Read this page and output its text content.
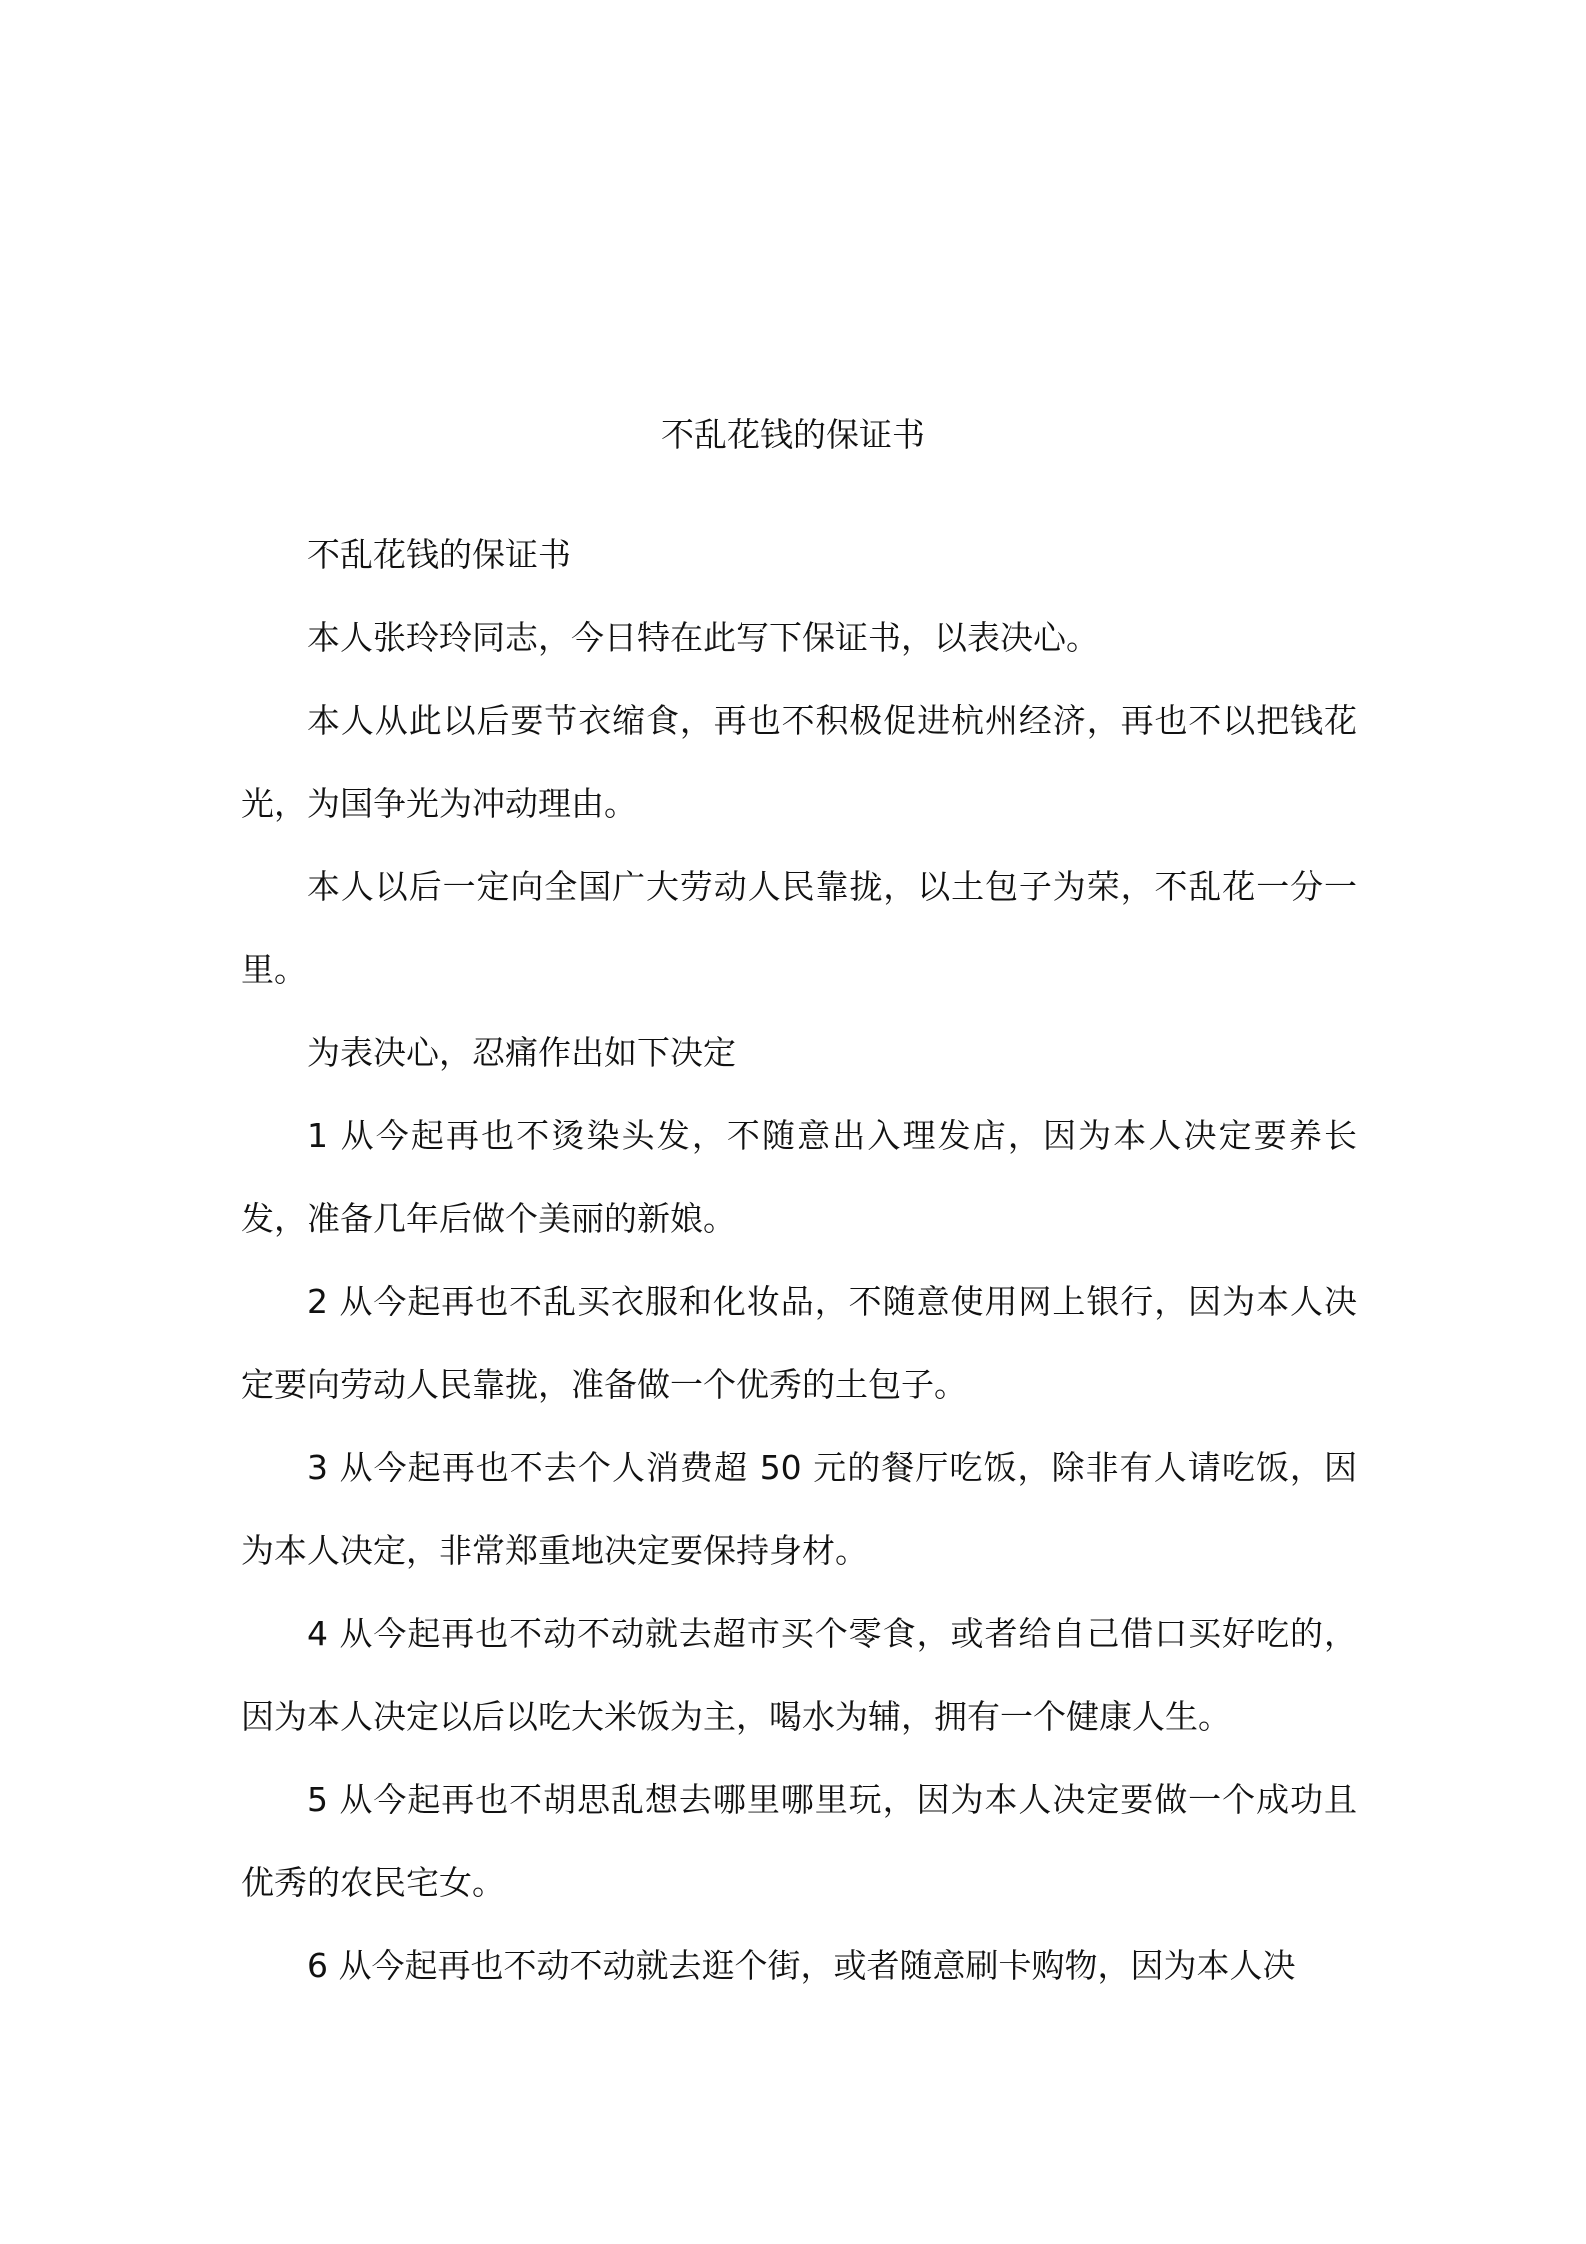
不乱花钱的保证书

不乱花钱的保证书

本人张玲玲同志，今日特在此写下保证书，以表决心。

本人从此以后要节衣缩食，再也不积极促进杭州经济，再也不以把钱花光，为国争光为冲动理由。

本人以后一定向全国广大劳动人民靠拢，以土包子为荣，不乱花一分一里。

为表决心，忍痛作出如下决定

1 从今起再也不烫染头发，不随意出入理发店，因为本人决定要养长发，准备几年后做个美丽的新娘。

2 从今起再也不乱买衣服和化妆品，不随意使用网上银行，因为本人决定要向劳动人民靠拢，准备做一个优秀的土包子。

3 从今起再也不去个人消费超 50 元的餐厅吃饭，除非有人请吃饭，因为本人决定，非常郑重地决定要保持身材。

4 从今起再也不动不动就去超市买个零食，或者给自己借口买好吃的，因为本人决定以后以吃大米饭为主，喝水为辅，拥有一个健康人生。

5 从今起再也不胡思乱想去哪里哪里玩，因为本人决定要做一个成功且优秀的农民宅女。

6 从今起再也不动不动就去逛个街，或者随意刷卡购物，因为本人决
